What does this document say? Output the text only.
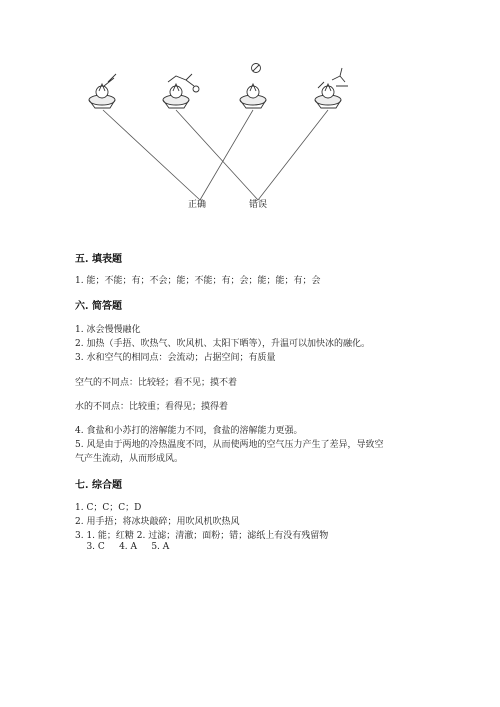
正确	错误
五. 填表题
1. 能；不能；有；不会；能；不能；有；会；能；能；有；会
六. 简答题
1. 冰会慢慢融化
2. 加热（手捂、吹热气、吹风机、太阳下晒等），升温可以加快冰的融化。
3. 水和空气的相同点：会流动；占据空间；有质量
空气的不同点：比较轻；看不见；摸不着
水的不同点：比较重；看得见；摸得着
4. 食盐和小苏打的溶解能力不同，食盐的溶解能力更强。
5. 风是由于两地的冷热温度不同，从而使两地的空气压力产生了差异，导致空
气产生流动，从而形成风。
七. 综合题
1. C；C；C；D
2. 用手捂；将冰块敲碎；用吹风机吹热风
3. 1. 能；红糖 2. 过滤；清澈；面粉；错；滤纸上有没有残留物
3. C     4. A     5. A
